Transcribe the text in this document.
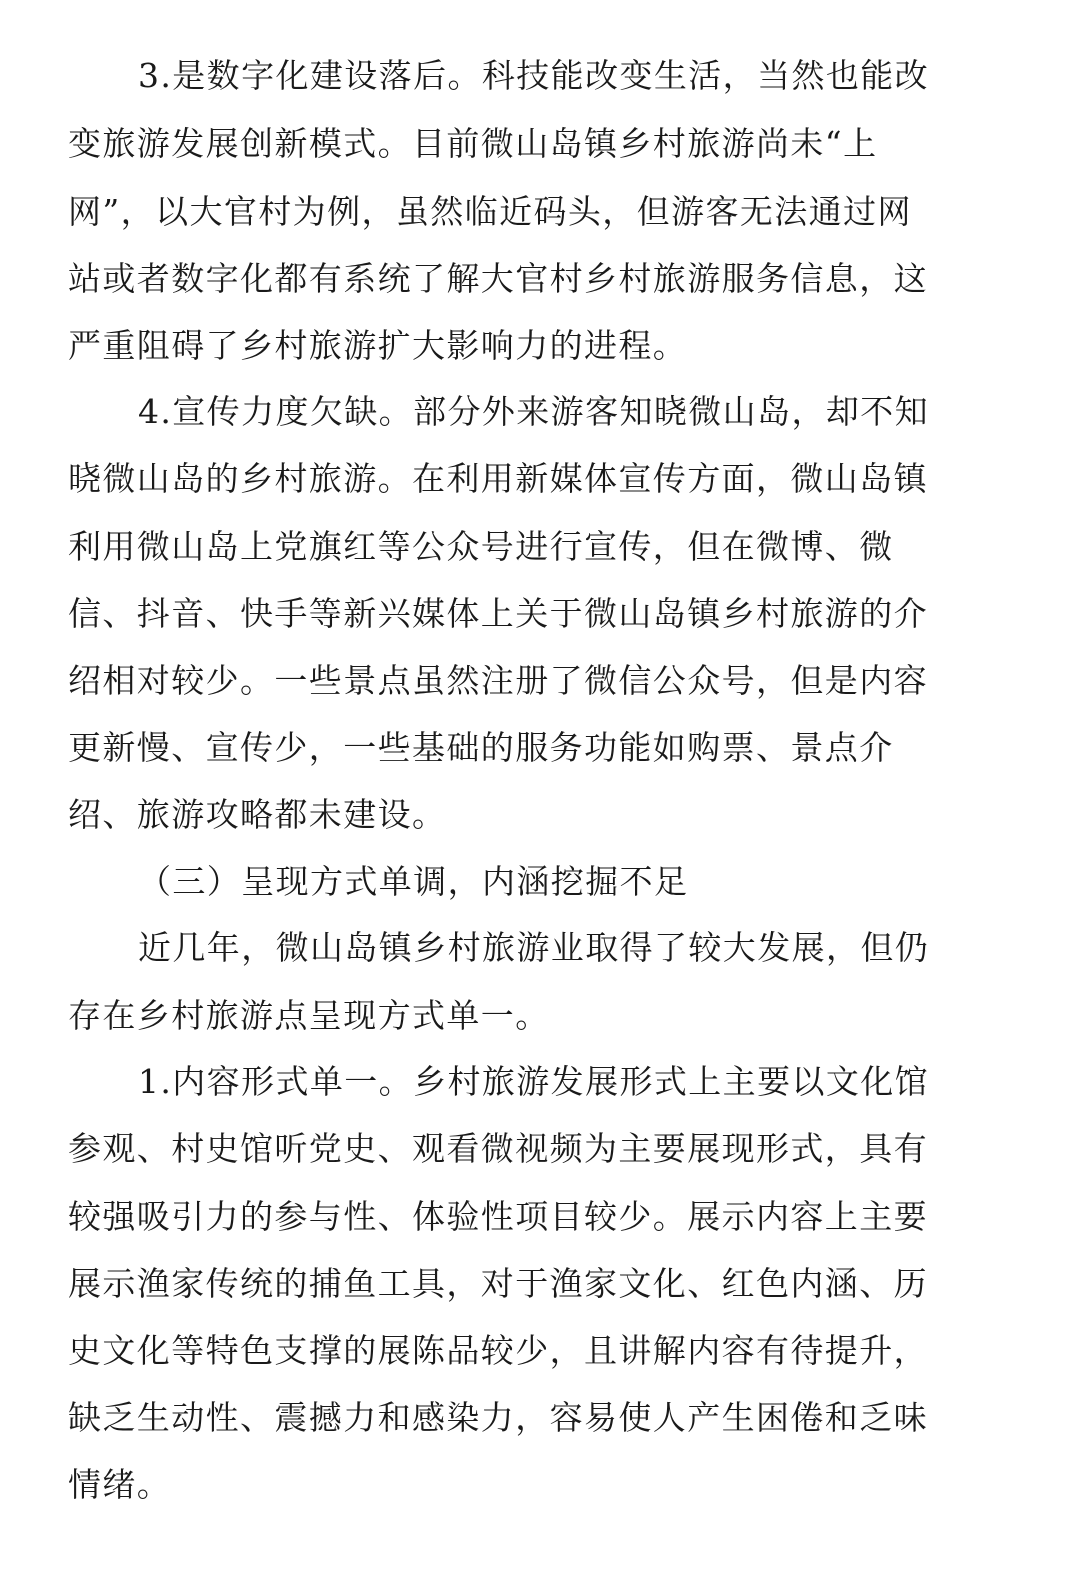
3.是数字化建设落后。科技能改变生活，当然也能改
变旅游发展创新模式。目前微山岛镇乡村旅游尚未“上
网”，以大官村为例，虽然临近码头，但游客无法通过网
站或者数字化都有系统了解大官村乡村旅游服务信息，这
严重阻碍了乡村旅游扩大影响力的进程。
4.宣传力度欠缺。部分外来游客知晓微山岛，却不知
晓微山岛的乡村旅游。在利用新媒体宣传方面，微山岛镇
利用微山岛上党旗红等公众号进行宣传，但在微博、微
信、抖音、快手等新兴媒体上关于微山岛镇乡村旅游的介
绍相对较少。一些景点虽然注册了微信公众号，但是内容
更新慢、宣传少，一些基础的服务功能如购票、景点介
绍、旅游攻略都未建设。
（三）呈现方式单调，内涵挖掘不足
近几年，微山岛镇乡村旅游业取得了较大发展，但仍
存在乡村旅游点呈现方式单一。
1.内容形式单一。乡村旅游发展形式上主要以文化馆
参观、村史馆听党史、观看微视频为主要展现形式，具有
较强吸引力的参与性、体验性项目较少。展示内容上主要
展示渔家传统的捕鱼工具，对于渔家文化、红色内涵、历
史文化等特色支撑的展陈品较少，且讲解内容有待提升，
缺乏生动性、震撼力和感染力，容易使人产生困倦和乏味
情绪。
